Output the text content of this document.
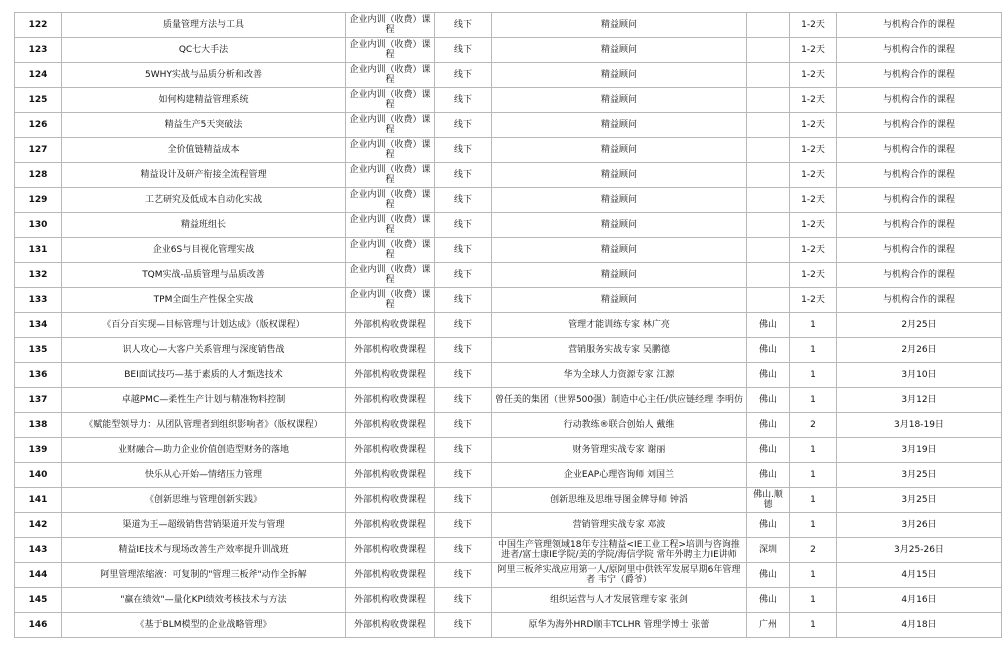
122	质量管理方法与工具	企业内训（收费）课程	线下	精益顾问		1-2天	与机构合作的课程
123	QC七大手法	企业内训（收费）课程	线下	精益顾问		1-2天	与机构合作的课程
124	5WHY实战与品质分析和改善	企业内训（收费）课程	线下	精益顾问		1-2天	与机构合作的课程
125	如何构建精益管理系统	企业内训（收费）课程	线下	精益顾问		1-2天	与机构合作的课程
126	精益生产5天突破法	企业内训（收费）课程	线下	精益顾问		1-2天	与机构合作的课程
127	全价值链精益成本	企业内训（收费）课程	线下	精益顾问		1-2天	与机构合作的课程
128	精益设计及研产衔接全流程管理	企业内训（收费）课程	线下	精益顾问		1-2天	与机构合作的课程
129	工艺研究及低成本自动化实战	企业内训（收费）课程	线下	精益顾问		1-2天	与机构合作的课程
130	精益班组长	企业内训（收费）课程	线下	精益顾问		1-2天	与机构合作的课程
131	企业6S与目视化管理实战	企业内训（收费）课程	线下	精益顾问		1-2天	与机构合作的课程
132	TQM实战-品质管理与品质改善	企业内训（收费）课程	线下	精益顾问		1-2天	与机构合作的课程
133	TPM全面生产性保全实战	企业内训（收费）课程	线下	精益顾问		1-2天	与机构合作的课程
134	《百分百实现—目标管理与计划达成》（版权课程）	外部机构收费课程	线下	管理才能训练专家 林广亮	佛山	1	2月25日
135	识人攻心—大客户关系管理与深度销售战	外部机构收费课程	线下	营销服务实战专家 吴鹏德	佛山	1	2月26日
136	BEI面试技巧—基于素质的人才甄选技术	外部机构收费课程	线下	华为全球人力资源专家 江源	佛山	1	3月10日
137	卓越PMC—柔性生产计划与精准物料控制	外部机构收费课程	线下	曾任美的集团（世界500强）制造中心主任/供应链经理 李明仿	佛山	1	3月12日
138	《赋能型领导力：从团队管理者到组织影响者》（版权课程）	外部机构收费课程	线下	行动教练®联合创始人 戴维	佛山	2	3月18-19日
139	业财融合—助力企业价值创造型财务的落地	外部机构收费课程	线下	财务管理实战专家 谢丽	佛山	1	3月19日
140	快乐从心开始—情绪压力管理	外部机构收费课程	线下	企业EAP心理咨询师 刘国兰	佛山	1	3月25日
141	《创新思维与管理创新实践》	外部机构收费课程	线下	创新思维及思维导图金牌导师 钟滔	佛山.顺德	1	3月25日
142	渠道为王—超级销售营销渠道开发与管理	外部机构收费课程	线下	营销管理实战专家 邓波	佛山	1	3月26日
143	精益IE技术与现场改善生产效率提升训战班	外部机构收费课程	线下	中国生产管理领域18年专注精益<IE工业工程>培训与咨询推进者/富士康IE学院/美的学院/海信学院 常年外聘主力IE讲师	深圳	2	3月25-26日
144	阿里管理浓缩液：可复制的"管理三板斧"动作全拆解	外部机构收费课程	线下	阿里三板斧实战应用第一人/原阿里中供铁军发展早期6年管理者 韦宁（爵爷）	佛山	1	4月15日
145	"赢在绩效"—量化KPI绩效考核技术与方法	外部机构收费课程	线下	组织运营与人才发展管理专家 张剑	佛山	1	4月16日
146	《基于BLM模型的企业战略管理》	外部机构收费课程	线下	原华为海外HRD顺丰TCLHR 管理学博士 张蕾	广州	1	4月18日
